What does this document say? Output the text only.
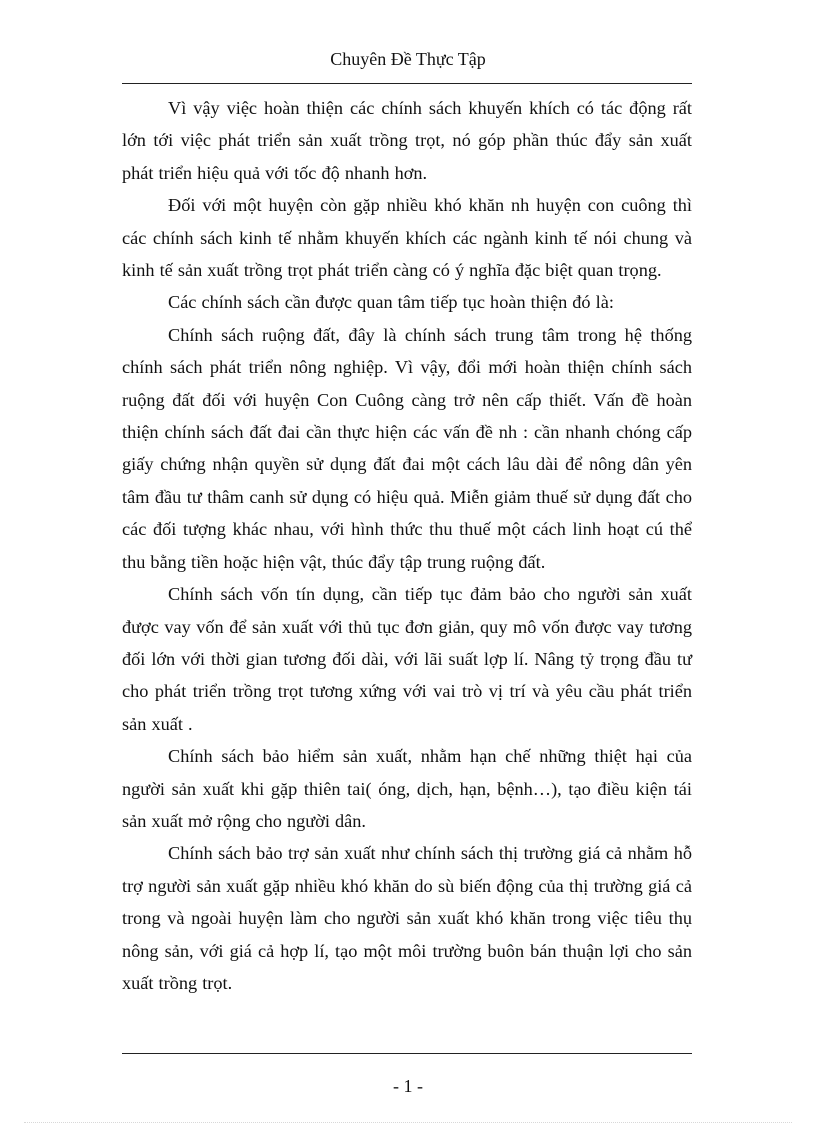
Chuyên Đề Thực Tập

Vì vậy việc hoàn thiện các chính sách khuyến khích có tác động rất lớn tới việc phát triển sản xuất trồng trọt, nó góp phần thúc đẩy sản xuất phát triển hiệu quả với tốc độ nhanh hơn.

Đối với một huyện còn gặp nhiều khó khăn nh huyện con cuông thì các chính sách kinh tế nhằm khuyến khích các ngành kinh tế nói chung và kinh tế sản xuất trồng trọt phát triển càng có ý nghĩa đặc biệt quan trọng.

Các chính sách cần được quan tâm tiếp tục hoàn thiện đó là:

Chính sách ruộng đất, đây là chính sách trung tâm trong hệ thống chính sách phát triển nông nghiệp. Vì vậy, đổi mới hoàn thiện chính sách ruộng đất đối với huyện Con Cuông càng trở nên cấp thiết. Vấn đề hoàn thiện chính sách đất đai cần thực hiện các vấn đề nh : cần nhanh chóng cấp giấy chứng nhận quyền sử dụng đất đai một cách lâu dài để nông dân yên tâm đầu tư thâm canh sử dụng có hiệu quả. Miễn giảm thuế sử dụng đất cho các đối tượng khác nhau, với hình thức thu thuế một cách linh hoạt cú thể thu bằng tiền hoặc hiện vật, thúc đẩy tập trung ruộng đất.

Chính sách vốn tín dụng, cần tiếp tục đảm bảo cho người sản xuất được vay vốn để sản xuất với thủ tục đơn giản, quy mô vốn được vay tương đối lớn với thời gian tương đối dài, với lãi suất lợp lí. Nâng tỷ trọng đầu tư cho phát triển trồng trọt tương xứng với vai trò vị trí và yêu cầu phát triển sản xuất .

Chính sách bảo hiểm sản xuất, nhằm hạn chế những thiệt hại của người sản xuất khi gặp thiên tai( óng, dịch, hạn, bệnh…), tạo điều kiện tái sản xuất mở rộng cho người dân.

Chính sách bảo trợ sản xuất như chính sách thị trường giá cả nhằm hỗ trợ người sản xuất gặp nhiều khó khăn do sù biến động của thị trường giá cả trong và ngoài huyện làm cho người sản xuất khó khăn trong việc tiêu thụ nông sản, với giá cả hợp lí, tạo một môi trường buôn bán thuận lợi cho sản xuất trồng trọt.

- 1 -
